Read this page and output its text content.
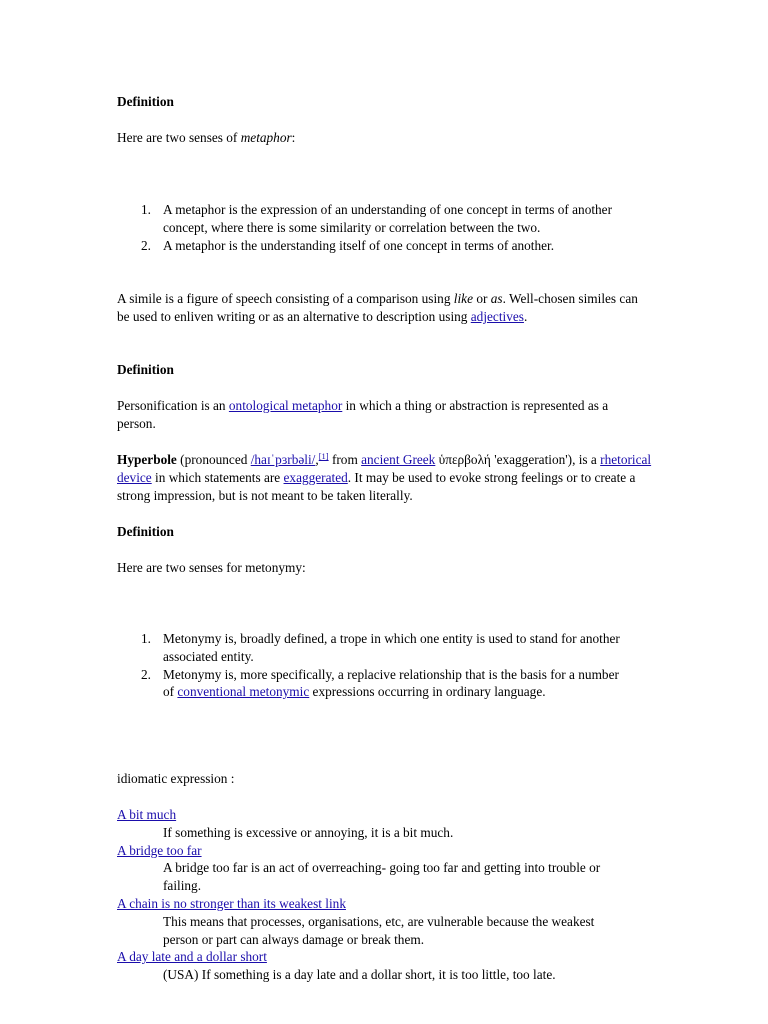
Definition
Here are two senses of metaphor:
1. A metaphor is the expression of an understanding of one concept in terms of another concept, where there is some similarity or correlation between the two.
2. A metaphor is the understanding itself of one concept in terms of another.
A simile is a figure of speech consisting of a comparison using like or as. Well-chosen similes can be used to enliven writing or as an alternative to description using adjectives.
Definition
Personification is an ontological metaphor in which a thing or abstraction is represented as a person.
Hyperbole (pronounced /haɪˈpɜrbəli/,[1] from ancient Greek ὑπερβολή 'exaggeration'), is a rhetorical device in which statements are exaggerated. It may be used to evoke strong feelings or to create a strong impression, but is not meant to be taken literally.
Definition
Here are two senses for metonymy:
1. Metonymy is, broadly defined, a trope in which one entity is used to stand for another associated entity.
2. Metonymy is, more specifically, a replacive relationship that is the basis for a number of conventional metonymic expressions occurring in ordinary language.
idiomatic expression :
A bit much
If something is excessive or annoying, it is a bit much.
A bridge too far
A bridge too far is an act of overreaching- going too far and getting into trouble or failing.
A chain is no stronger than its weakest link
This means that processes, organisations, etc, are vulnerable because the weakest person or part can always damage or break them.
A day late and a dollar short
(USA) If something is a day late and a dollar short, it is too little, too late.
